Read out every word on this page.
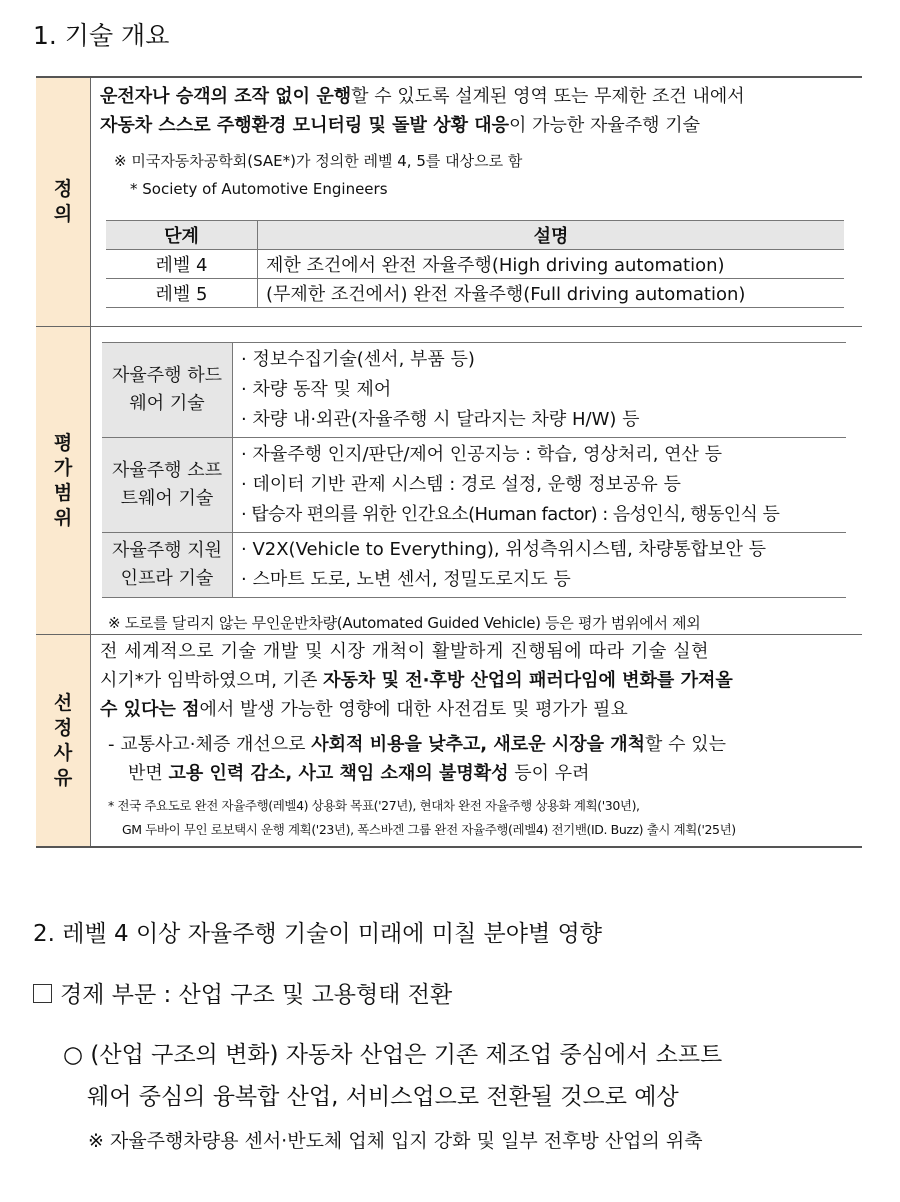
1. 기술 개요
정의
운전자나 승객의 조작 없이 운행할 수 있도록 설계된 영역 또는 무제한 조건 내에서
자동차 스스로 주행환경 모니터링 및 돌발 상황 대응이 가능한 자율주행 기술
※ 미국자동차공학회(SAE*)가 정의한 레벨 4, 5를 대상으로 함
* Society of Automotive Engineers
단계	설명
레벨 4	제한 조건에서 완전 자율주행(High driving automation)
레벨 5	(무제한 조건에서) 완전 자율주행(Full driving automation)
평가범위
자율주행 하드웨어 기술	· 정보수집기술(센서, 부품 등)
· 차량 동작 및 제어
· 차량 내·외관(자율주행 시 달라지는 차량 H/W) 등

자율주행 소프트웨어 기술	· 자율주행 인지/판단/제어 인공지능 : 학습, 영상처리, 연산 등
· 데이터 기반 관제 시스템 : 경로 설정, 운행 정보공유 등
· 탑승자 편의를 위한 인간요소(Human factor) : 음성인식, 행동인식 등

자율주행 지원 인프라 기술	· V2X(Vehicle to Everything), 위성측위시스템, 차량통합보안 등
· 스마트 도로, 노변 센서, 정밀도로지도 등
※ 도로를 달리지 않는 무인운반차량(Automated Guided Vehicle) 등은 평가 범위에서 제외
선정사유
전 세계적으로 기술 개발 및 시장 개척이 활발하게 진행됨에 따라 기술 실현
시기*가 임박하였으며, 기존 자동차 및 전·후방 산업의 패러다임에 변화를 가져올
수 있다는 점에서 발생 가능한 영향에 대한 사전검토 및 평가가 필요
- 교통사고·체증 개선으로 사회적 비용을 낮추고, 새로운 시장을 개척할 수 있는
반면 고용 인력 감소, 사고 책임 소재의 불명확성 등이 우려
* 전국 주요도로 완전 자율주행(레벨4) 상용화 목표('27년), 현대차 완전 자율주행 상용화 계획('30년),
GM 두바이 무인 로보택시 운행 계획('23년), 폭스바겐 그룹 완전 자율주행(레벨4) 전기밴(ID. Buzz) 출시 계획('25년)
2. 레벨 4 이상 자율주행 기술이 미래에 미칠 분야별 영향
경제 부문 : 산업 구조 및 고용형태 전환
○ (산업 구조의 변화) 자동차 산업은 기존 제조업 중심에서 소프트
웨어 중심의 융복합 산업, 서비스업으로 전환될 것으로 예상
※ 자율주행차량용 센서·반도체 업체 입지 강화 및 일부 전후방 산업의 위축
